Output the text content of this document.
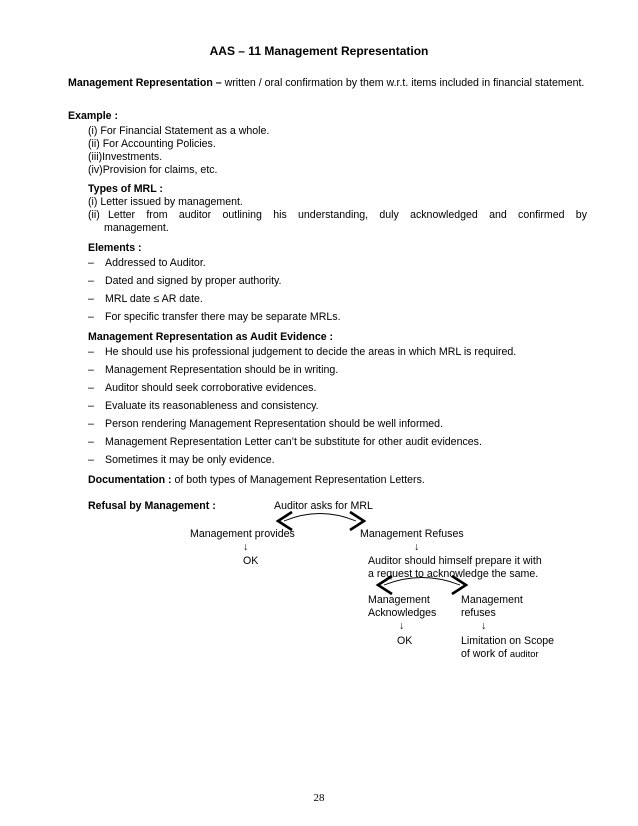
AAS – 11 Management Representation
Management Representation – written / oral confirmation by them w.r.t. items included in financial statement.
Example :
(i) For Financial Statement as a whole.
(ii) For Accounting Policies.
(iii)Investments.
(iv)Provision for claims, etc.
Types of MRL :
(i) Letter issued by management.
(ii) Letter from auditor outlining his understanding, duly acknowledged and confirmed by
management.
Elements :
– Addressed to Auditor.
– Dated and signed by proper authority.
– MRL date ≤ AR date.
– For specific transfer there may be separate MRLs.
Management Representation as Audit Evidence :
– He should use his professional judgement to decide the areas in which MRL is required.
– Management Representation should be in writing.
– Auditor should seek corroborative evidences.
– Evaluate its reasonableness and consistency.
– Person rendering Management Representation should be well informed.
– Management Representation Letter can’t be substitute for other audit evidences.
– Sometimes it may be only evidence.
Documentation : of both types of Management Representation Letters.
Refusal by Management :	Auditor asks for MRL
Management provides	Management Refuses
↓	↓
OK	Auditor should himself prepare it with
a request to acknowledge the same.
Management
Acknowledges
Management
refuses
↓	↓
OK	Limitation on Scope
of work of auditor
28
